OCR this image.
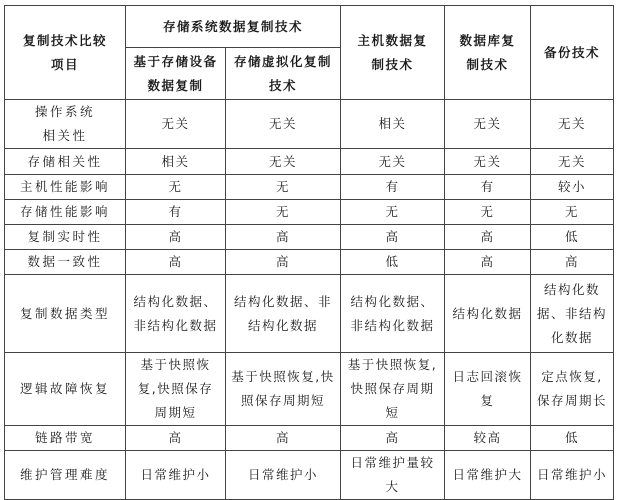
复制技术比较项目	存储系统数据复制技术		主机数据复制技术	数据库复制技术	备份技术
	基于存储设备数据复制	存储虚拟化复制技术			
操作系统相关性	无关	无关	相关	无关	无关
存储相关性	相关	无关	无关	无关	无关
主机性能影响	无	无	有	有	较小
存储性能影响	有	无	无	无	无
复制实时性	高	高	高	高	低
数据一致性	高	高	低	高	高
复制数据类型	结构化数据、非结构化数据	结构化数据、非结构化数据	结构化数据、非结构化数据	结构化数据	结构化数据、非结构化数据
逻辑故障恢复	基于快照恢复,快照保存周期短	基于快照恢复,快照保存周期短	基于快照恢复,快照保存周期短	日志回滚恢复	定点恢复,保存周期长
链路带宽	高	高	高	较高	低
维护管理难度	日常维护小	日常维护小	日常维护量较大	日常维护大	日常维护小
